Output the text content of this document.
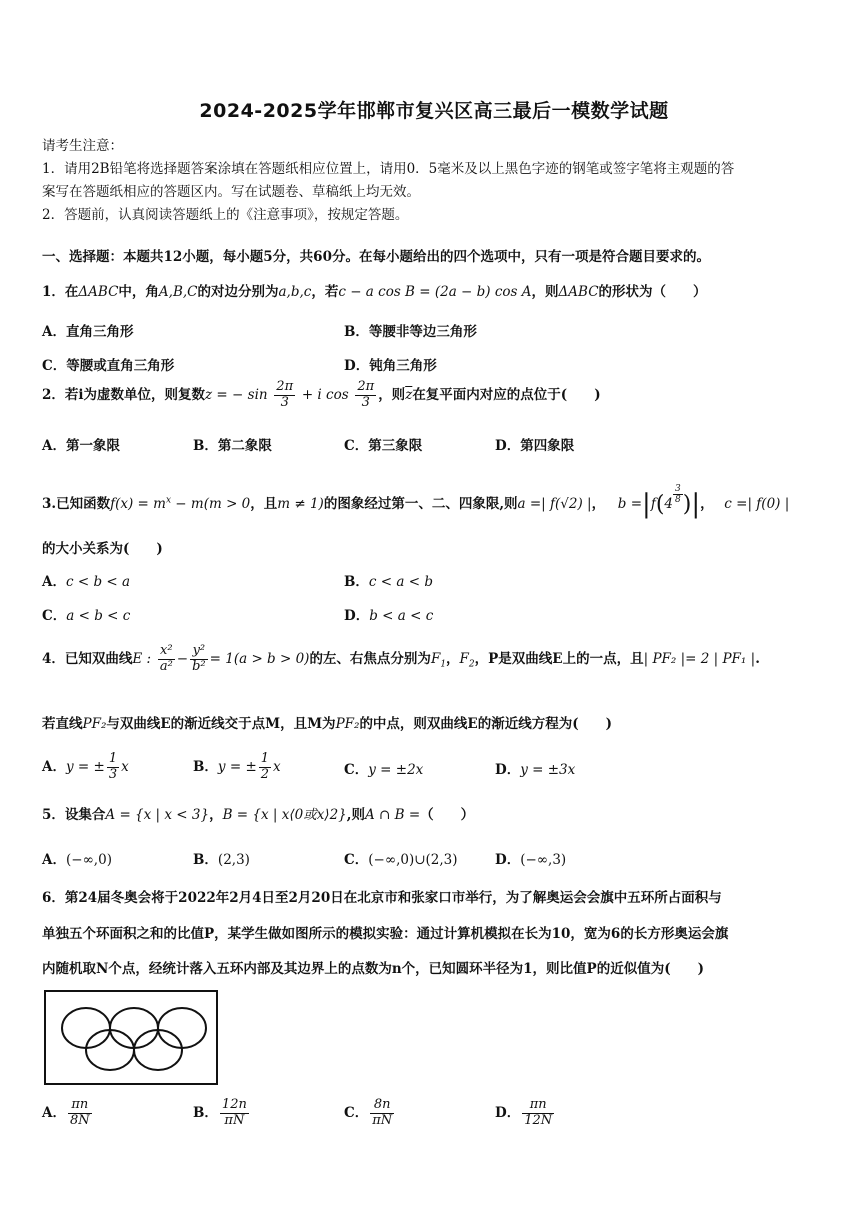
2024-2025学年邯郸市复兴区高三最后一模数学试题
请考生注意：
1．请用2B铅笔将选择题答案涂填在答题纸相应位置上，请用0．5毫米及以上黑色字迹的钢笔或签字笔将主观题的答
案写在答题纸相应的答题区内。写在试题卷、草稿纸上均无效。
2．答题前，认真阅读答题纸上的《注意事项》，按规定答题。
一、选择题：本题共12小题，每小题5分，共60分。在每小题给出的四个选项中，只有一项是符合题目要求的。
1．在ΔABC中，角A,B,C的对边分别为a,b,c，若c − a cos B = (2a − b) cos A，则ΔABC的形状为（　　）
A．直角三角形	B．等腰非等边三角形
C．等腰或直角三角形	D．钝角三角形
2．若i为虚数单位，则复数z = − $\sin \frac{2\pi}{3} + i$ $\cos \frac{2\pi}{3}$ ，则$\overline{z}$在复平面内对应的点位于(　　)
A．第一象限	B．第二象限	C．第三象限	D．第四象限
3.已知函数$f(x) = m^x - m(m > 0$，且m ≠ 1)的图象经过第一、二、四象限,则a =| f(√2) |， $b =|f(4 \frac{3}{8}$ )|， c =| f(0) |
的大小关系为(　　)
A．c < b < a	B．c < a < b
C．a < b < c	D．b < a < c
4．已知双曲线E : $\frac{\text{x²}}{\text{a²}} - \frac{\text{y²}}{\text{b²}} = 1(a > b > 0)$的左、右焦点分别为$F_1$，$F_2$，P是双曲线E上的一点，且| PF₂ |= 2 | PF₁ |.
若直线PF₂与双曲线E的渐近线交于点M，且M为PF₂的中点，则双曲线E的渐近线方程为(　　)
A．y = ± $\frac{1}{3}$ x	B．y = ± $\frac{1}{2}$ x	C．y = ±2x	D．y = ±3x
5．设集合A = {x | x < 3}，B = {x | x⟨0或x⟩2},则A ∩ B =（　　）
A．(−∞,0)	B．(2,3)	C．(−∞,0)∪(2,3)	D．(−∞,3)
6．第24届冬奥会将于2022年2月4日至2月20日在北京市和张家口市举行，为了解奥运会会旗中五环所占面积与
单独五个环面积之和的比值P，某学生做如图所示的模拟实验：通过计算机模拟在长为10，宽为6的长方形奥运会旗
内随机取N个点，经统计落入五环内部及其边界上的点数为n个，已知圆环半径为1，则比值P的近似值为(　　)
A． $\frac{\pi n}{8N}$	B． $\frac{12n}{\pi N}$	C． $\frac{8n}{\pi N}$	D． $\frac{\pi n}{12N}$
